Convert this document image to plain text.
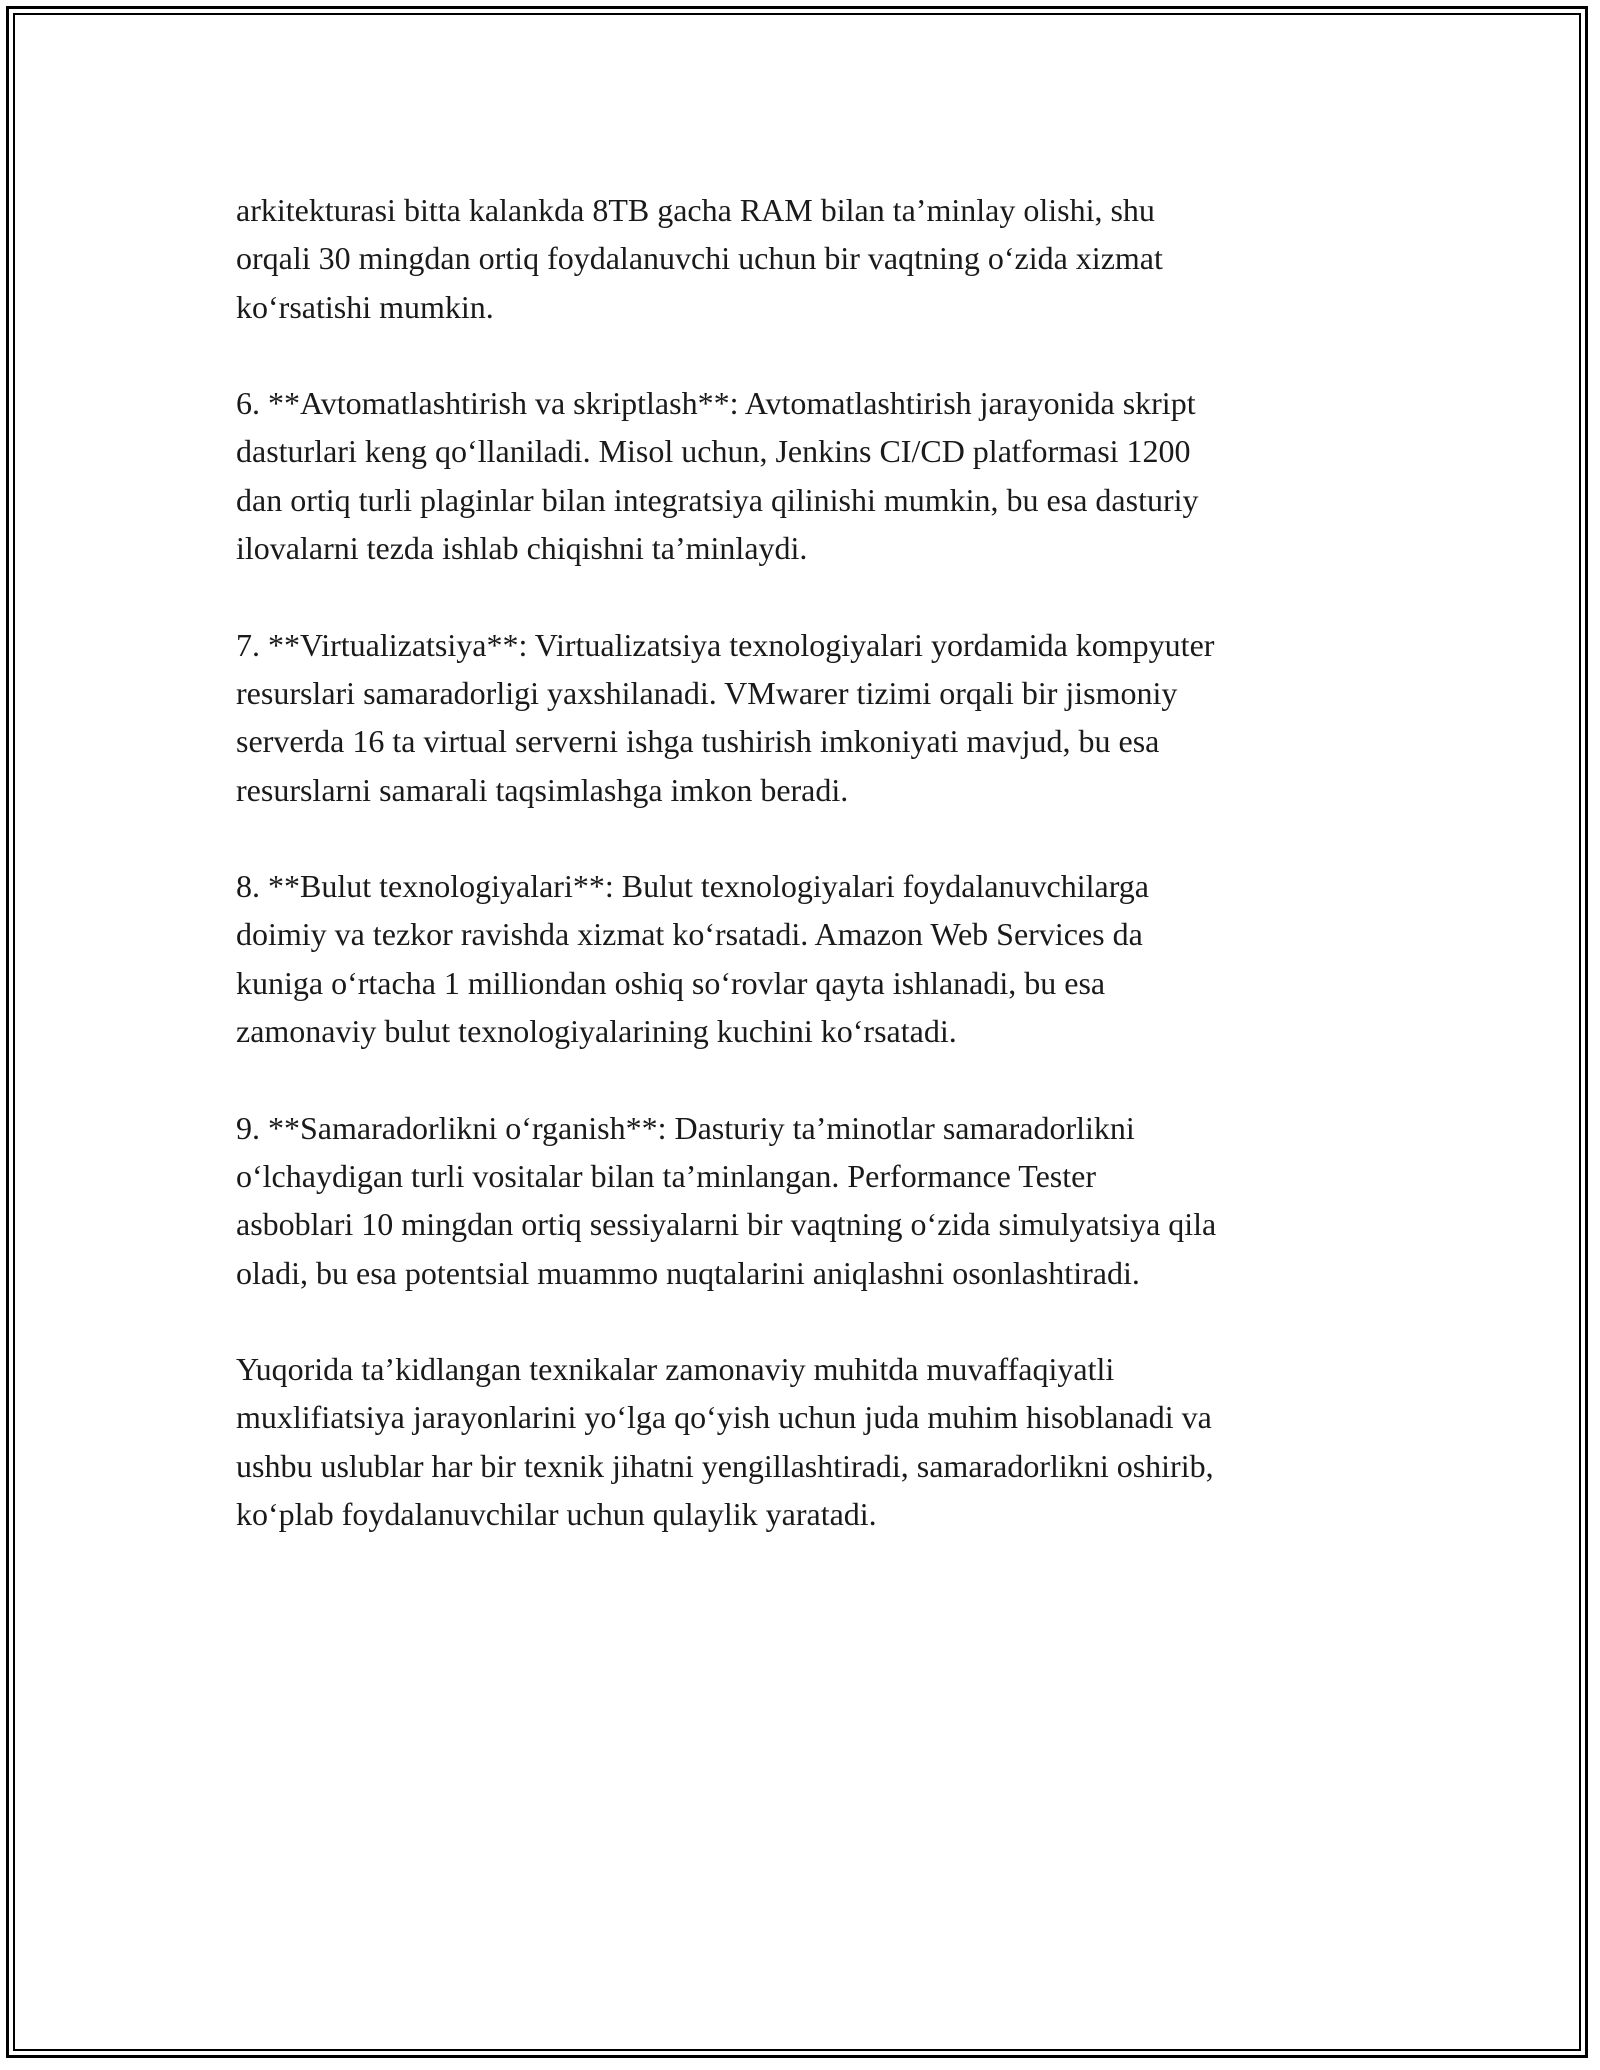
arkitekturasi bitta kalankda 8TB gacha RAM bilan ta’minlay olishi, shu
orqali 30 mingdan ortiq foydalanuvchi uchun bir vaqtning o‘zida xizmat
ko‘rsatishi mumkin.

6. **Avtomatlashtirish va skriptlash**: Avtomatlashtirish jarayonida skript
dasturlari keng qo‘llaniladi. Misol uchun, Jenkins CI/CD platformasi 1200
dan ortiq turli plaginlar bilan integratsiya qilinishi mumkin, bu esa dasturiy
ilovalarni tezda ishlab chiqishni ta’minlaydi.

7. **Virtualizatsiya**: Virtualizatsiya texnologiyalari yordamida kompyuter
resurslari samaradorligi yaxshilanadi. VMwarer tizimi orqali bir jismoniy
serverda 16 ta virtual serverni ishga tushirish imkoniyati mavjud, bu esa
resurslarni samarali taqsimlashga imkon beradi.

8. **Bulut texnologiyalari**: Bulut texnologiyalari foydalanuvchilarga
doimiy va tezkor ravishda xizmat ko‘rsatadi. Amazon Web Services da
kuniga o‘rtacha 1 milliondan oshiq so‘rovlar qayta ishlanadi, bu esa
zamonaviy bulut texnologiyalarining kuchini ko‘rsatadi.

9. **Samaradorlikni o‘rganish**: Dasturiy ta’minotlar samaradorlikni
o‘lchaydigan turli vositalar bilan ta’minlangan. Performance Tester
asboblari 10 mingdan ortiq sessiyalarni bir vaqtning o‘zida simulyatsiya qila
oladi, bu esa potentsial muammo nuqtalarini aniqlashni osonlashtiradi.

Yuqorida ta’kidlangan texnikalar zamonaviy muhitda muvaffaqiyatli
muxlifiatsiya jarayonlarini yo‘lga qo‘yish uchun juda muhim hisoblanadi va
ushbu uslublar har bir texnik jihatni yengillashtiradi, samaradorlikni oshirib,
ko‘plab foydalanuvchilar uchun qulaylik yaratadi.
